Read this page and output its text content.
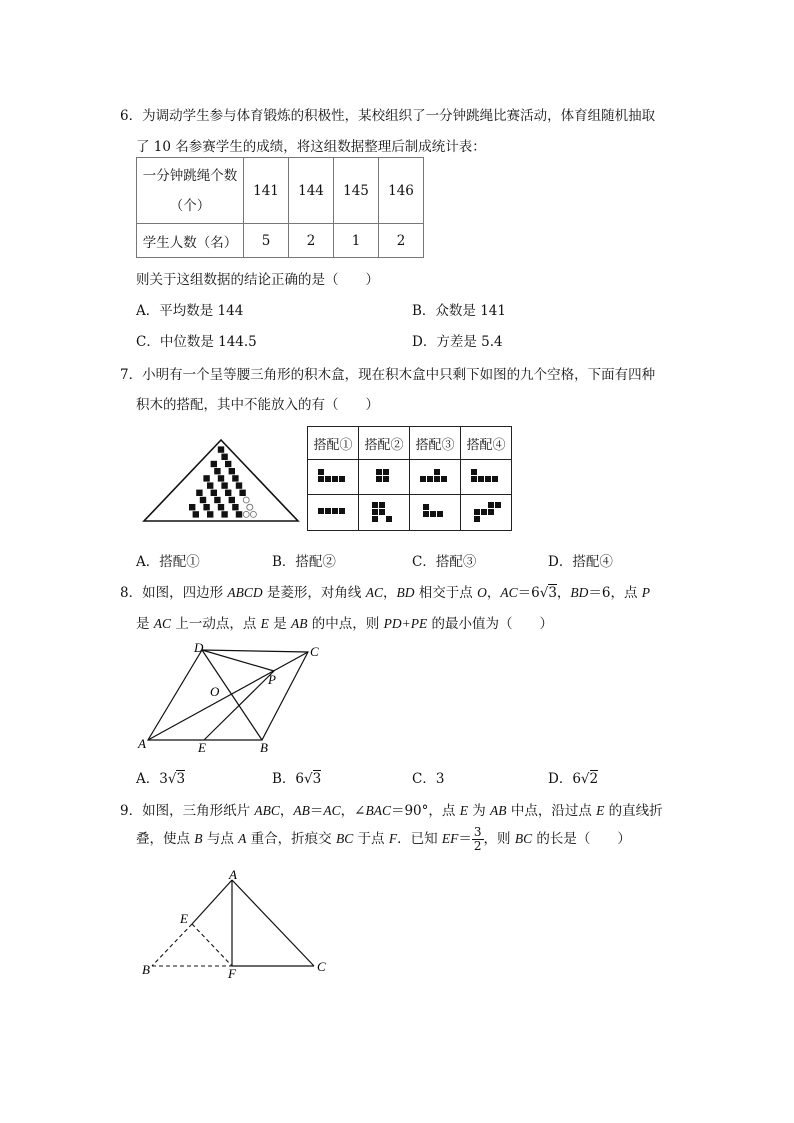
6．为调动学生参与体育锻炼的积极性，某校组织了一分钟跳绳比赛活动，体育组随机抽取
了 10 名参赛学生的成绩，将这组数据整理后制成统计表：
一分钟跳绳个数
（个）	141	144	145	146
学生人数（名）	5	2	1	2
则关于这组数据的结论正确的是（　　）
A．平均数是 144	B．众数是 141
C．中位数是 144.5	D．方差是 5.4
7．小明有一个呈等腰三角形的积木盒，现在积木盒中只剩下如图的九个空格，下面有四种
积木的搭配，其中不能放入的有（　　）
搭配①	搭配②	搭配③	搭配④

A．搭配①	B．搭配②	C．搭配③	D．搭配④
8．如图，四边形 ABCD 是菱形，对角线 AC，BD 相交于点 O，AC＝6√3，BD＝6，点 P
是 AC 上一动点，点 E 是 AB 的中点，则 PD+PE 的最小值为（　　）
A	B
C
D
E
O
P
A．3√3	B．6√3	C．3	D．6√2
9．如图，三角形纸片 ABC，AB＝AC，∠BAC＝90°，点 E 为 AB 中点，沿过点 E 的直线折
叠，使点 B 与点 A 重合，折痕交 BC 于点 F．已知 $EF= \frac{3}{2}$ ，则 BC 的长是（　　）
A
B	C
E
F
